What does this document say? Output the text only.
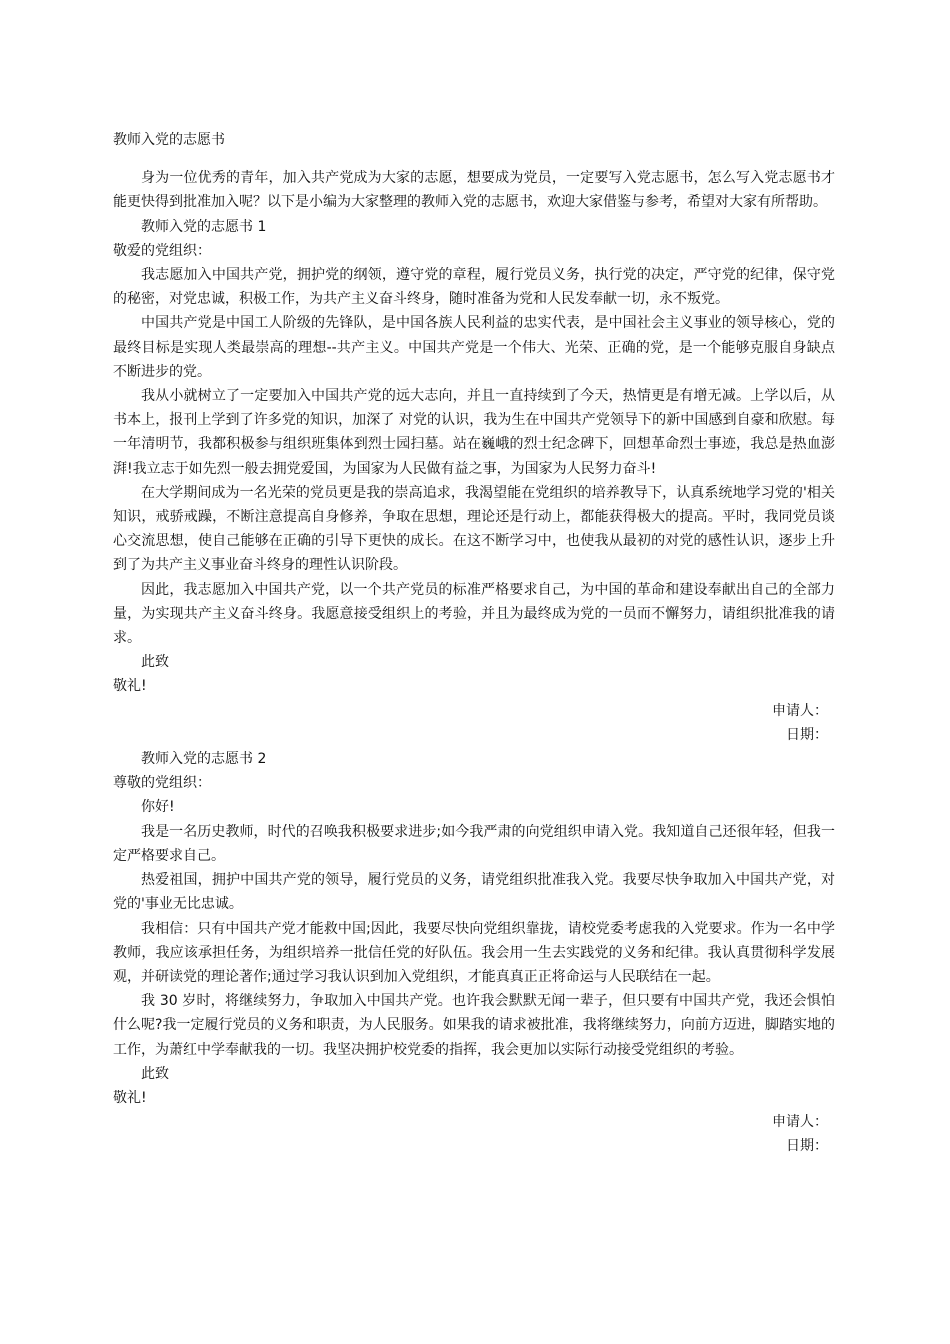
教师入党的志愿书

身为一位优秀的青年，加入共产党成为大家的志愿，想要成为党员，一定要写入党志愿书，怎么写入党志愿书才能更快得到批准加入呢？以下是小编为大家整理的教师入党的志愿书，欢迎大家借鉴与参考，希望对大家有所帮助。

教师入党的志愿书 1

敬爱的党组织：

我志愿加入中国共产党，拥护党的纲领，遵守党的章程，履行党员义务，执行党的决定，严守党的纪律，保守党的秘密，对党忠诚，积极工作，为共产主义奋斗终身，随时准备为党和人民发奉献一切，永不叛党。

中国共产党是中国工人阶级的先锋队，是中国各族人民利益的忠实代表，是中国社会主义事业的领导核心，党的最终目标是实现人类最崇高的理想--共产主义。中国共产党是一个伟大、光荣、正确的党，是一个能够克服自身缺点不断进步的党。

我从小就树立了一定要加入中国共产党的远大志向，并且一直持续到了今天，热情更是有增无减。上学以后，从书本上，报刊上学到了许多党的知识，加深了 对党的认识，我为生在中国共产党领导下的新中国感到自豪和欣慰。每一年清明节，我都积极参与组织班集体到烈士园扫墓。站在巍峨的烈士纪念碑下，回想革命烈士事迹，我总是热血澎湃!我立志于如先烈一般去拥党爱国，为国家为人民做有益之事，为国家为人民努力奋斗!

在大学期间成为一名光荣的党员更是我的崇高追求，我渴望能在党组织的培养教导下，认真系统地学习党的'相关知识，戒骄戒躁，不断注意提高自身修养，争取在思想，理论还是行动上，都能获得极大的提高。平时，我同党员谈心交流思想，使自己能够在正确的引导下更快的成长。在这不断学习中，也使我从最初的对党的感性认识，逐步上升到了为共产主义事业奋斗终身的理性认识阶段。

因此，我志愿加入中国共产党，以一个共产党员的标准严格要求自己，为中国的革命和建设奉献出自己的全部力量，为实现共产主义奋斗终身。我愿意接受组织上的考验，并且为最终成为党的一员而不懈努力，请组织批准我的请求。

此致

敬礼!

申请人：

日期：

教师入党的志愿书 2

尊敬的党组织：

你好!

我是一名历史教师，时代的召唤我积极要求进步;如今我严肃的向党组织申请入党。我知道自己还很年轻，但我一定严格要求自己。

热爱祖国，拥护中国共产党的领导，履行党员的义务，请党组织批准我入党。我要尽快争取加入中国共产党，对党的'事业无比忠诚。

我相信：只有中国共产党才能救中国;因此，我要尽快向党组织靠拢，请校党委考虑我的入党要求。作为一名中学教师，我应该承担任务，为组织培养一批信任党的好队伍。我会用一生去实践党的义务和纪律。我认真贯彻科学发展观，并研读党的理论著作;通过学习我认识到加入党组织，才能真真正正将命运与人民联结在一起。

我 30 岁时，将继续努力，争取加入中国共产党。也许我会默默无闻一辈子，但只要有中国共产党，我还会惧怕什么呢?我一定履行党员的义务和职责，为人民服务。如果我的请求被批准，我将继续努力，向前方迈进，脚踏实地的工作，为萧红中学奉献我的一切。我坚决拥护校党委的指挥，我会更加以实际行动接受党组织的考验。

此致

敬礼!

申请人：

日期：
